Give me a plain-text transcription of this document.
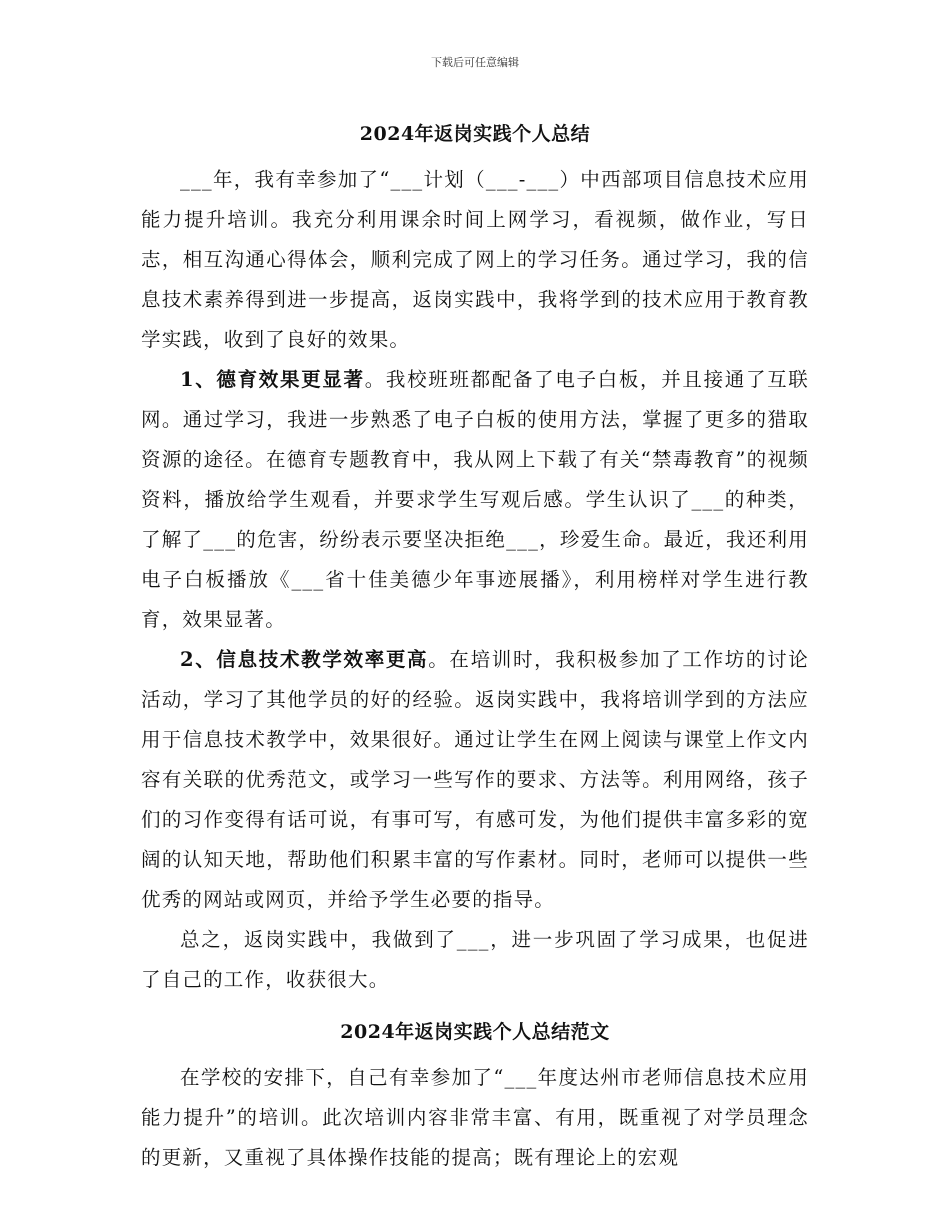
下载后可任意编辑
2024年返岗实践个人总结

___年，我有幸参加了“___计划（___-___）中西部项目信息技术应用能力提升培训。我充分利用课余时间上网学习，看视频，做作业，写日志，相互沟通心得体会，顺利完成了网上的学习任务。通过学习，我的信息技术素养得到进一步提高，返岗实践中，我将学到的技术应用于教育教学实践，收到了良好的效果。

1、德育效果更显著。我校班班都配备了电子白板，并且接通了互联网。通过学习，我进一步熟悉了电子白板的使用方法，掌握了更多的猎取资源的途径。在德育专题教育中，我从网上下载了有关“禁毒教育”的视频资料，播放给学生观看，并要求学生写观后感。学生认识了___的种类，了解了___的危害，纷纷表示要坚决拒绝___，珍爱生命。最近，我还利用电子白板播放《___省十佳美德少年事迹展播》，利用榜样对学生进行教育，效果显著。

2、信息技术教学效率更高。在培训时，我积极参加了工作坊的讨论活动，学习了其他学员的好的经验。返岗实践中，我将培训学到的方法应用于信息技术教学中，效果很好。通过让学生在网上阅读与课堂上作文内容有关联的优秀范文，或学习一些写作的要求、方法等。利用网络，孩子们的习作变得有话可说，有事可写，有感可发，为他们提供丰富多彩的宽阔的认知天地，帮助他们积累丰富的写作素材。同时，老师可以提供一些优秀的网站或网页，并给予学生必要的指导。

总之，返岗实践中，我做到了___，进一步巩固了学习成果，也促进了自己的工作，收获很大。

2024年返岗实践个人总结范文

在学校的安排下，自己有幸参加了“___年度达州市老师信息技术应用能力提升”的培训。此次培训内容非常丰富、有用，既重视了对学员理念的更新，又重视了具体操作技能的提高；既有理论上的宏观
